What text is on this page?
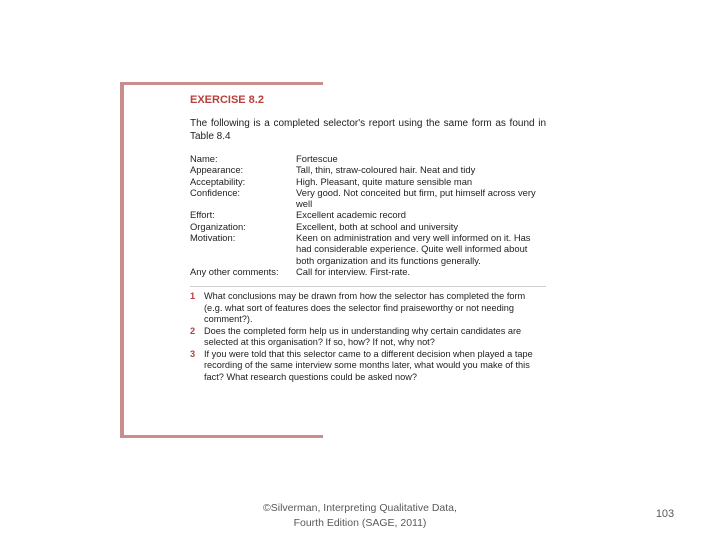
EXERCISE 8.2
The following is a completed selector's report using the same form as found in Table 8.4
Name:	Fortescue
Appearance:	Tall, thin, straw-coloured hair. Neat and tidy
Acceptability:	High. Pleasant, quite mature sensible man
Confidence:	Very good. Not conceited but firm, put himself across very well
Effort:	Excellent academic record
Organization:	Excellent, both at school and university
Motivation:	Keen on administration and very well informed on it. Has had considerable experience. Quite well informed about both organization and its functions generally.
Any other comments:	Call for interview. First-rate.
1 What conclusions may be drawn from how the selector has completed the form (e.g. what sort of features does the selector find praiseworthy or not needing comment?).
2 Does the completed form help us in understanding why certain candidates are selected at this organisation? If so, how? If not, why not?
3 If you were told that this selector came to a different decision when played a tape recording of the same interview some months later, what would you make of this fact? What research questions could be asked now?
©Silverman, Interpreting Qualitative Data,
Fourth Edition (SAGE, 2011)
103
